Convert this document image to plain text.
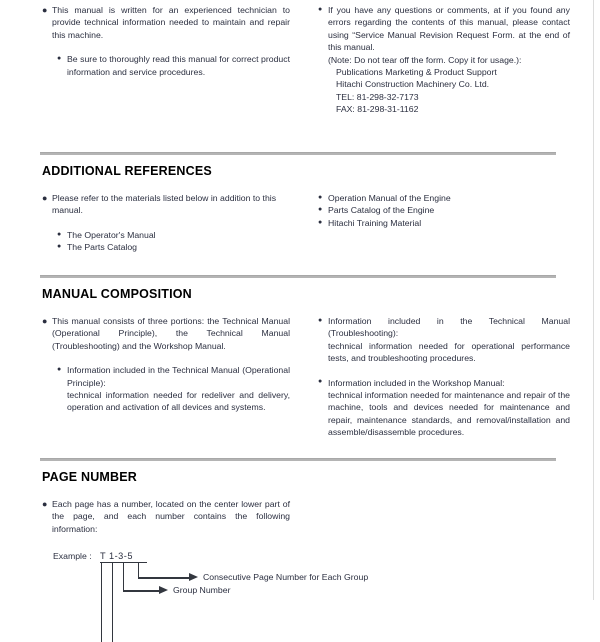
● This manual is written for an experienced technician to provide technical information needed to maintain and repair this machine.
● Be sure to thoroughly read this manual for correct product information and service procedures.
● If you have any questions or comments, at if you found any errors regarding the contents of this manual, please contact using “Service Manual Revision Request Form. at the end of this manual.
(Note: Do not tear off the form. Copy it for usage.):
Publications Marketing & Product Support
Hitachi Construction Machinery Co. Ltd.
TEL: 81-298-32-7173
FAX: 81-298-31-1162
ADDITIONAL REFERENCES
● Please refer to the materials listed below in addition to this manual.
● The Operator's Manual
● The Parts Catalog
● Operation Manual of the Engine
● Parts Catalog of the Engine
● Hitachi Training Material
MANUAL COMPOSITION
● This manual consists of three portions: the Technical Manual (Operational Principle), the Technical Manual (Troubleshooting) and the Workshop Manual.
● Information included in the Technical Manual (Operational Principle):
technical information needed for redeliver and delivery, operation and activation of all devices and systems.
● Information included in the Technical Manual (Troubleshooting):
technical information needed for operational performance tests, and troubleshooting procedures.
● Information included in the Workshop Manual:
technical information needed for maintenance and repair of the machine, tools and devices needed for maintenance and repair, maintenance standards, and removal/installation and assemble/disassemble procedures.
PAGE NUMBER
● Each page has a number, located on the center lower part of the page, and each number contains the following information:
Example : T 1-3-5
Consecutive Page Number for Each Group
Group Number
